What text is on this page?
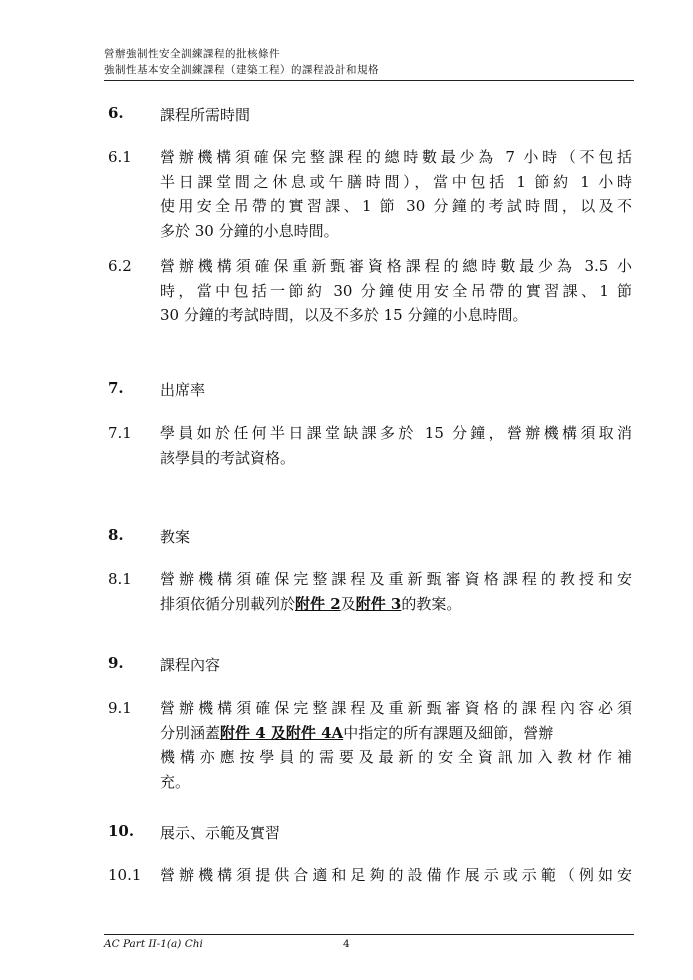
營辦強制性安全訓練課程的批核條件
強制性基本安全訓練課程（建築工程）的課程設計和規格
6. 課程所需時間
6.1 營辦機構須確保完整課程的總時數最少為 7 小時（不包括
半日課堂間之休息或午膳時間），當中包括 1 節約 1 小時
使用安全吊帶的實習課、1 節 30 分鐘的考試時間，以及不
多於 30 分鐘的小息時間。
6.2 營辦機構須確保重新甄審資格課程的總時數最少為 3.5 小
時，當中包括一節約 30 分鐘使用安全吊帶的實習課、1 節
30 分鐘的考試時間，以及不多於 15 分鐘的小息時間。
7. 出席率
7.1 學員如於任何半日課堂缺課多於 15 分鐘，營辦機構須取消
該學員的考試資格。
8. 教案
8.1 營辦機構須確保完整課程及重新甄審資格課程的教授和安
排須依循分別載列於附件 2及附件 3的教案。
9. 課程內容
9.1 營辦機構須確保完整課程及重新甄審資格的課程內容必須
分別涵蓋附件 4 及附件 4A中指定的所有課題及細節，營辦
機構亦應按學員的需要及最新的安全資訊加入教材作補
充。
10. 展示、示範及實習
10.1 營辦機構須提供合適和足夠的設備作展示或示範（例如安
AC Part II-1(a) Chi	4
